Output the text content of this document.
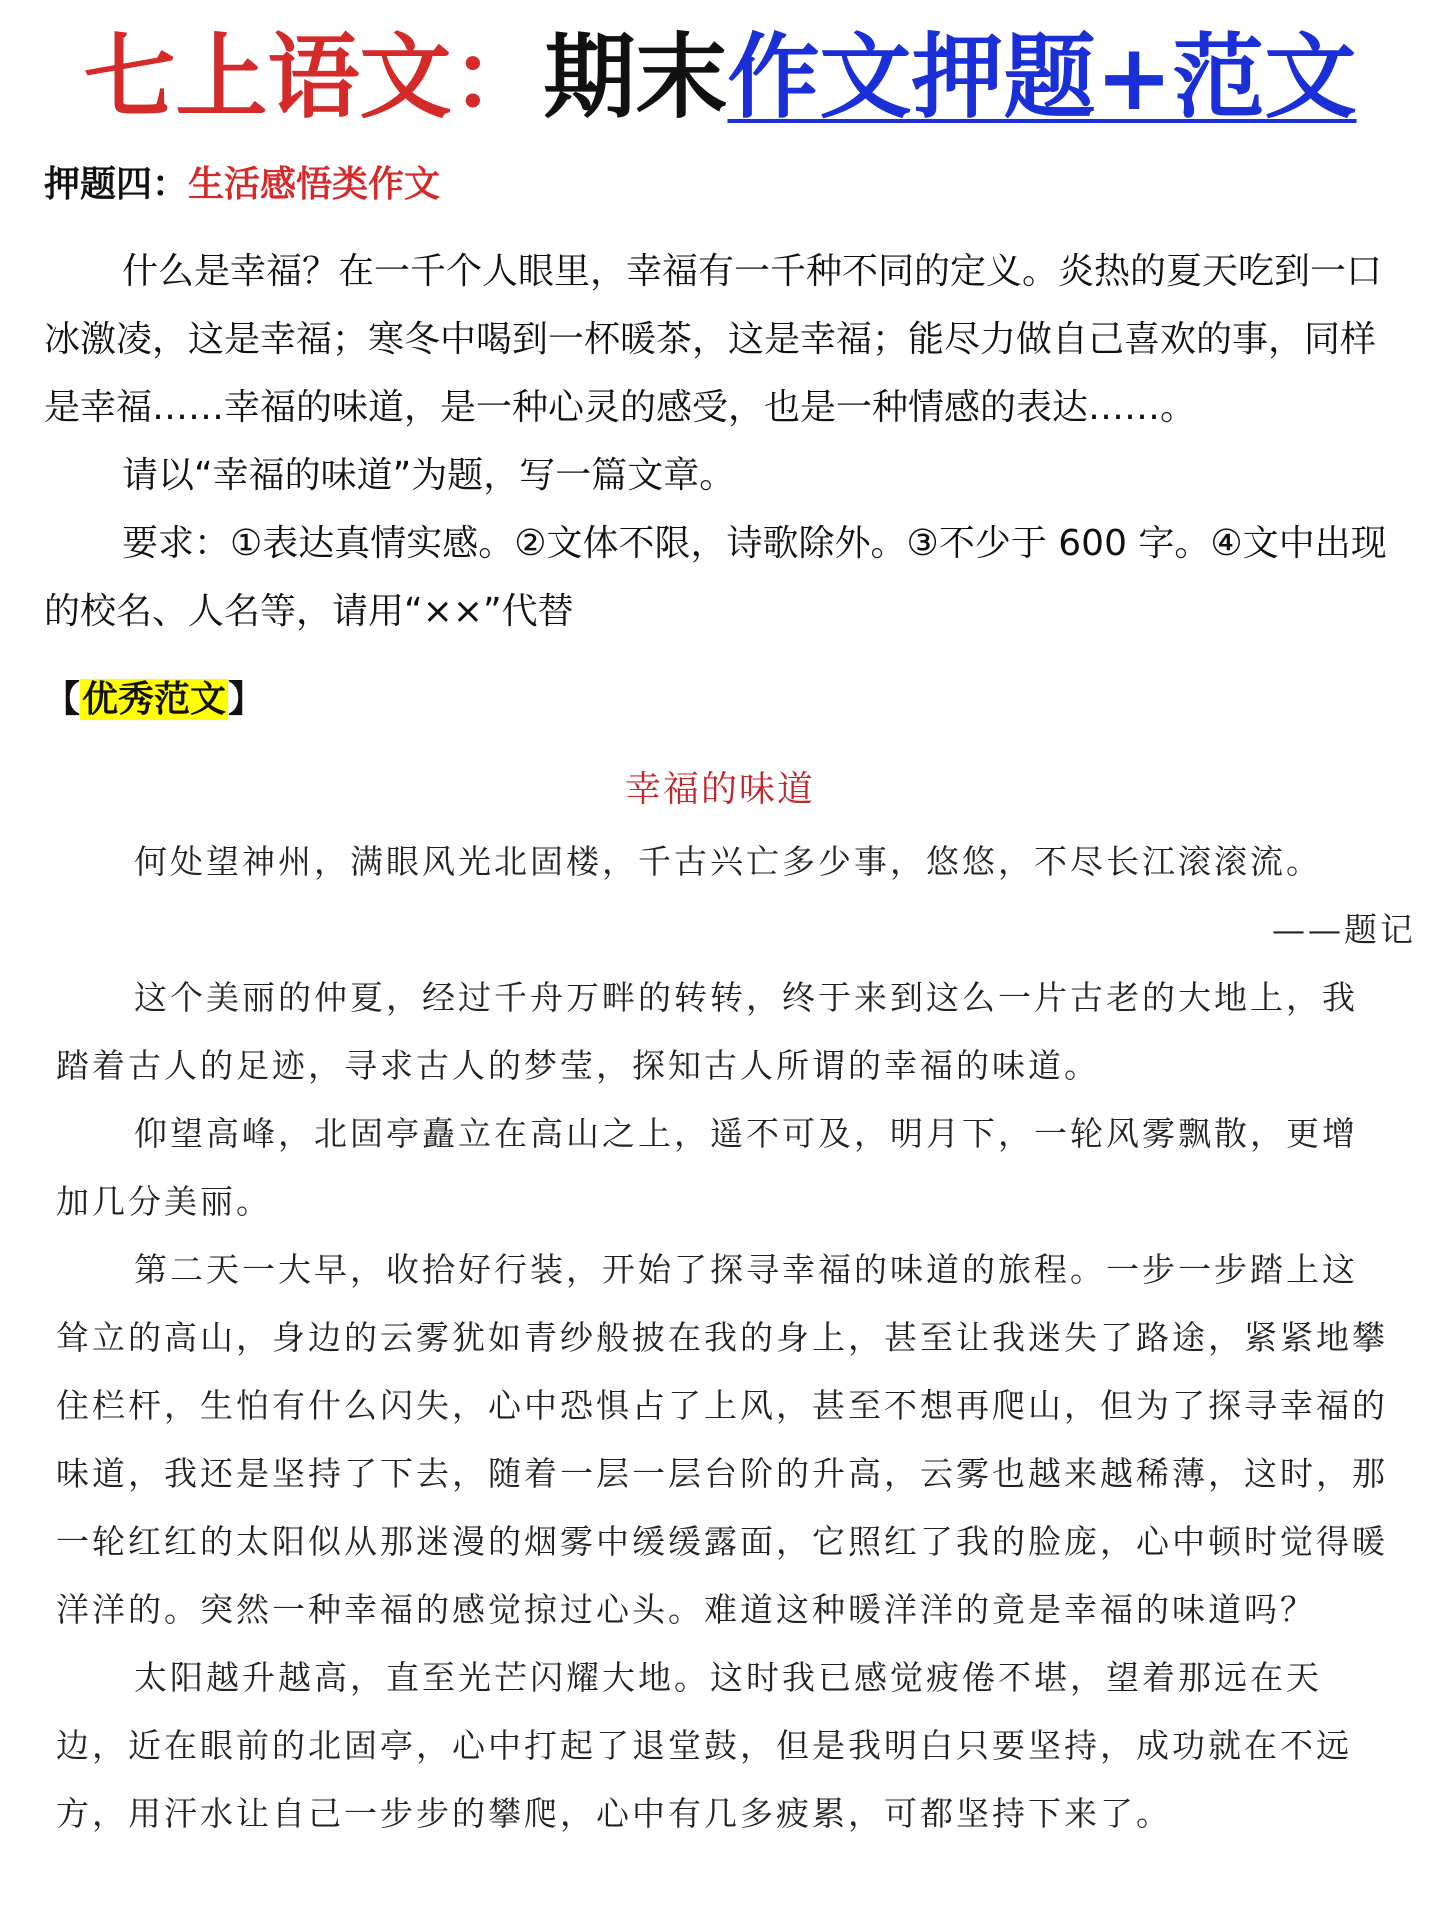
七上语文：期末作文押题+范文
押题四：生活感悟类作文

什么是幸福？在一千个人眼里，幸福有一千种不同的定义。炎热的夏天吃到一口冰激凌，这是幸福；寒冬中喝到一杯暖茶，这是幸福；能尽力做自己喜欢的事，同样是幸福……幸福的味道，是一种心灵的感受，也是一种情感的表达……。

请以“幸福的味道”为题，写一篇文章。

要求：①表达真情实感。②文体不限，诗歌除外。③不少于 600 字。④文中出现的校名、人名等，请用“××”代替

【优秀范文】
幸福的味道

何处望神州，满眼风光北固楼，千古兴亡多少事，悠悠，不尽长江滚滚流。

——题记

这个美丽的仲夏，经过千舟万畔的转转，终于来到这么一片古老的大地上，我踏着古人的足迹，寻求古人的梦莹，探知古人所谓的幸福的味道。

仰望高峰，北固亭矗立在高山之上，遥不可及，明月下，一轮风雾飘散，更增加几分美丽。

第二天一大早，收拾好行装，开始了探寻幸福的味道的旅程。一步一步踏上这耸立的高山，身边的云雾犹如青纱般披在我的身上，甚至让我迷失了路途，紧紧地攀住栏杆，生怕有什么闪失，心中恐惧占了上风，甚至不想再爬山，但为了探寻幸福的味道，我还是坚持了下去，随着一层一层台阶的升高，云雾也越来越稀薄，这时，那一轮红红的太阳似从那迷漫的烟雾中缓缓露面，它照红了我的脸庞，心中顿时觉得暖洋洋的。突然一种幸福的感觉掠过心头。难道这种暖洋洋的竟是幸福的味道吗？

太阳越升越高，直至光芒闪耀大地。这时我已感觉疲倦不堪，望着那远在天边，近在眼前的北固亭，心中打起了退堂鼓，但是我明白只要坚持，成功就在不远方，用汗水让自己一步步的攀爬，心中有几多疲累，可都坚持下来了。
